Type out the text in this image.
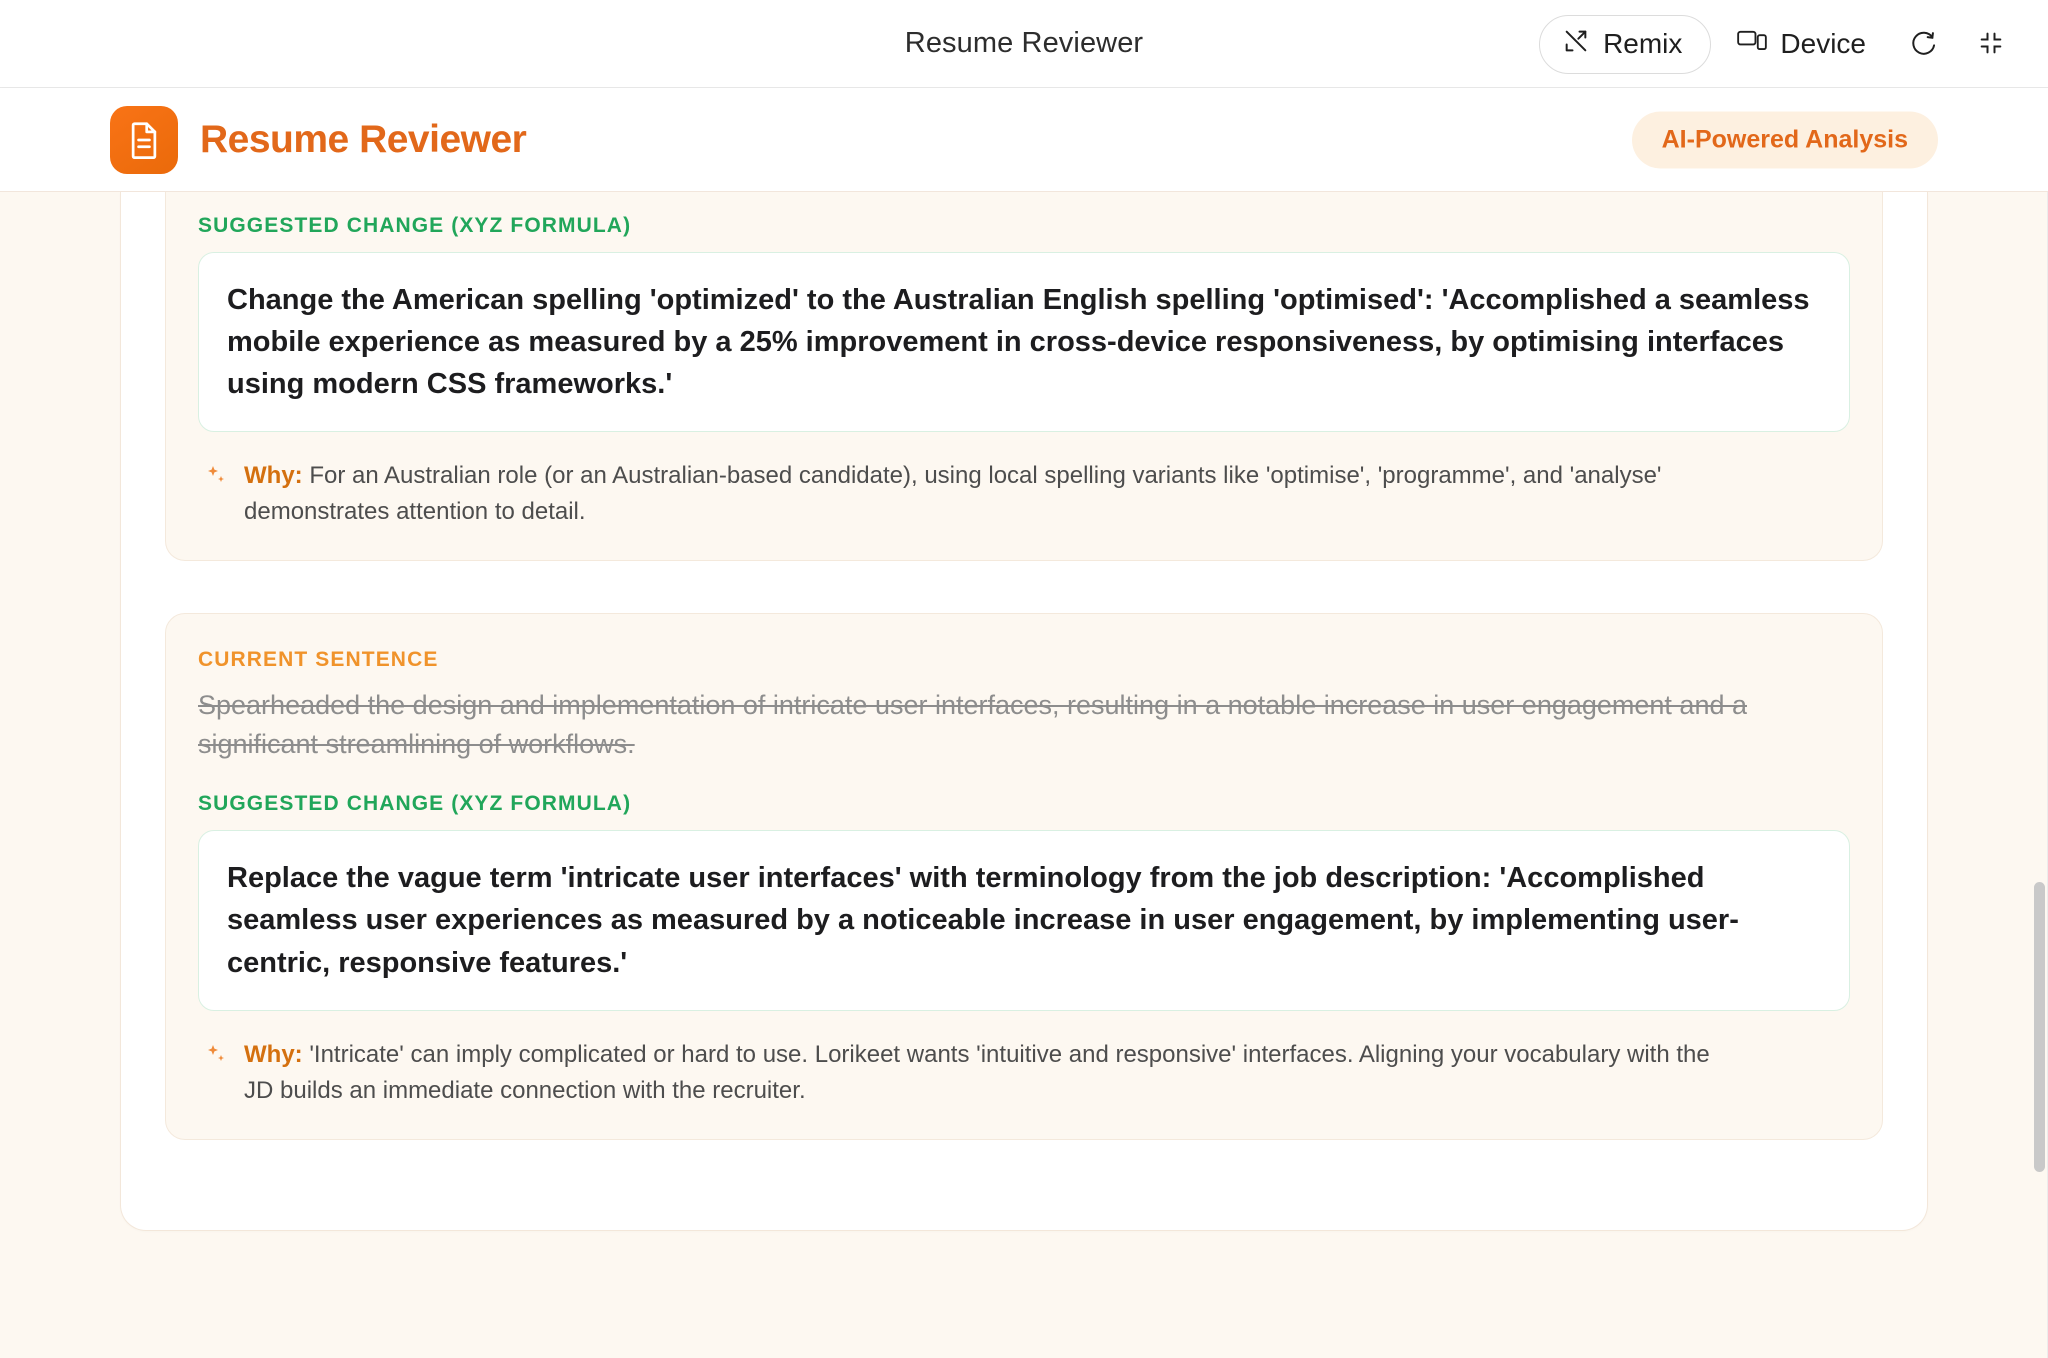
Resume Reviewer	Remix	Device
Resume Reviewer	AI-Powered Analysis
SUGGESTED CHANGE (XYZ FORMULA)
Change the American spelling 'optimized' to the Australian English spelling 'optimised': 'Accomplished a seamless mobile experience as measured by a 25% improvement in cross-device responsiveness, by optimising interfaces using modern CSS frameworks.'
Why: For an Australian role (or an Australian-based candidate), using local spelling variants like 'optimise', 'programme', and 'analyse' demonstrates attention to detail.
CURRENT SENTENCE
Spearheaded the design and implementation of intricate user interfaces, resulting in a notable increase in user engagement and a significant streamlining of workflows.
SUGGESTED CHANGE (XYZ FORMULA)
Replace the vague term 'intricate user interfaces' with terminology from the job description: 'Accomplished seamless user experiences as measured by a noticeable increase in user engagement, by implementing user-centric, responsive features.'
Why: 'Intricate' can imply complicated or hard to use. Lorikeet wants 'intuitive and responsive' interfaces. Aligning your vocabulary with the JD builds an immediate connection with the recruiter.
